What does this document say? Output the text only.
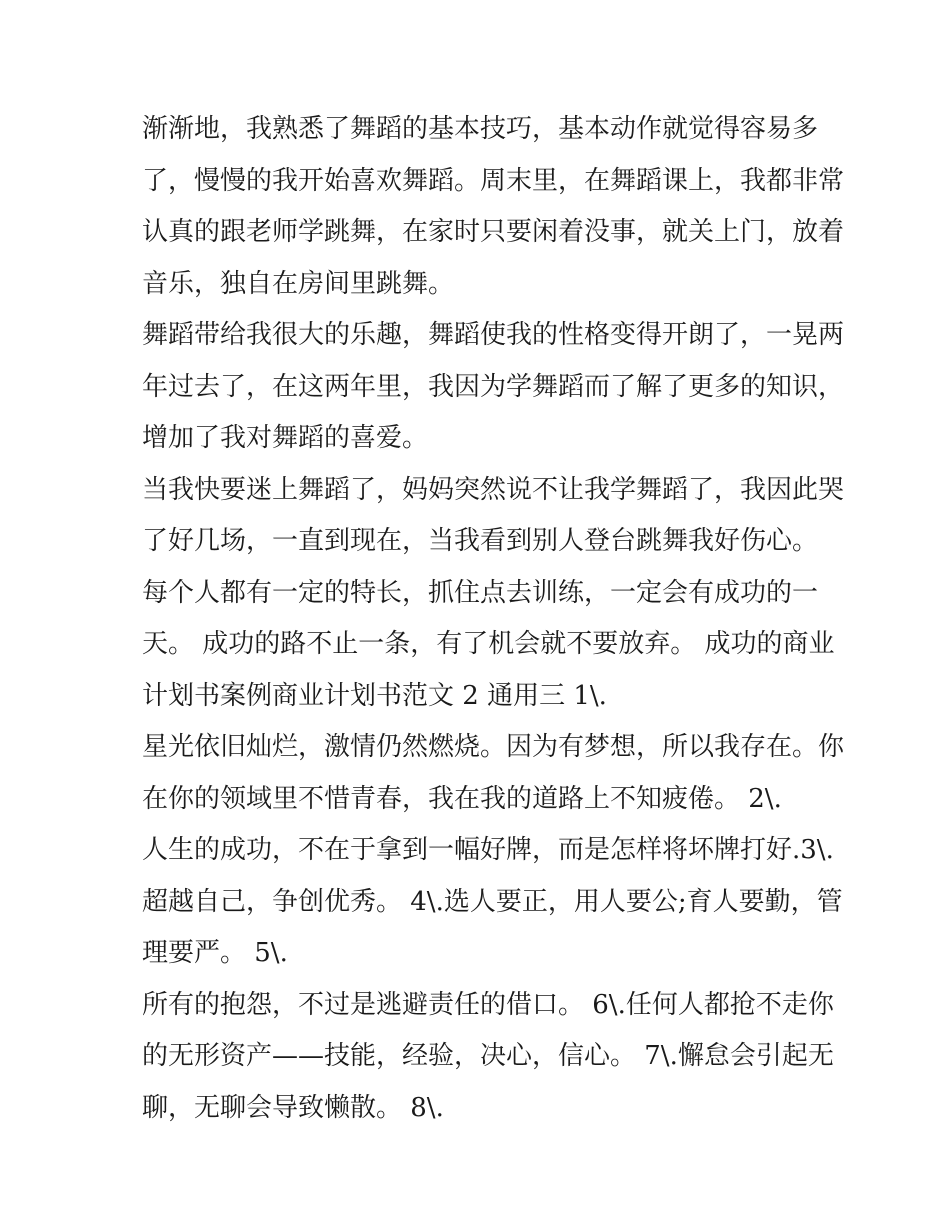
渐渐地，我熟悉了舞蹈的基本技巧，基本动作就觉得容易多
了，慢慢的我开始喜欢舞蹈。周末里，在舞蹈课上，我都非常
认真的跟老师学跳舞，在家时只要闲着没事，就关上门，放着
音乐，独自在房间里跳舞。

舞蹈带给我很大的乐趣，舞蹈使我的性格变得开朗了，一晃两
年过去了，在这两年里，我因为学舞蹈而了解了更多的知识，
增加了我对舞蹈的喜爱。

当我快要迷上舞蹈了，妈妈突然说不让我学舞蹈了，我因此哭
了好几场，一直到现在，当我看到别人登台跳舞我好伤心。

每个人都有一定的特长，抓住点去训练，一定会有成功的一
天。 成功的路不止一条，有了机会就不要放弃。 成功的商业
计划书案例商业计划书范文 2 通用三 1\.

星光依旧灿烂，激情仍然燃烧。因为有梦想，所以我存在。你
在你的领域里不惜青春，我在我的道路上不知疲倦。 2\.

人生的成功，不在于拿到一幅好牌，而是怎样将坏牌打好.3\.
超越自己，争创优秀。 4\.选人要正，用人要公;育人要勤，管
理要严。 5\.

所有的抱怨，不过是逃避责任的借口。 6\.任何人都抢不走你
的无形资产——技能，经验，决心，信心。 7\.懈怠会引起无
聊，无聊会导致懒散。 8\.
